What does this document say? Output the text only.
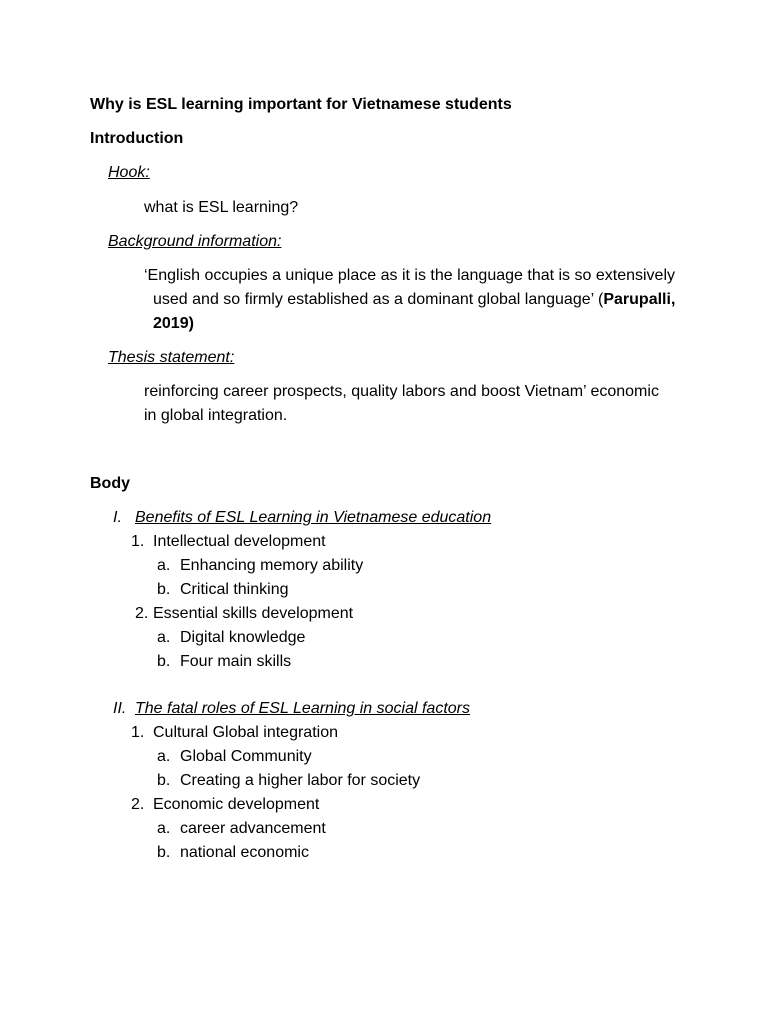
Why is ESL learning important for Vietnamese students
Introduction
Hook:
what is ESL learning?
Background information:
‘English occupies a unique place as it is the language that is so extensively
used and so firmly established as a dominant global language’ (Parupalli,
2019)
Thesis statement:
reinforcing career prospects, quality labors and boost Vietnam’ economic
in global integration.
Body
I. Benefits of ESL Learning in Vietnamese education
1. Intellectual development
a. Enhancing memory ability
b. Critical thinking
2. Essential skills development
a. Digital knowledge
b. Four main skills
II. The fatal roles of ESL Learning in social factors
1. Cultural Global integration
a. Global Community
b. Creating a higher labor for society
2. Economic development
a. career advancement
b. national economic
